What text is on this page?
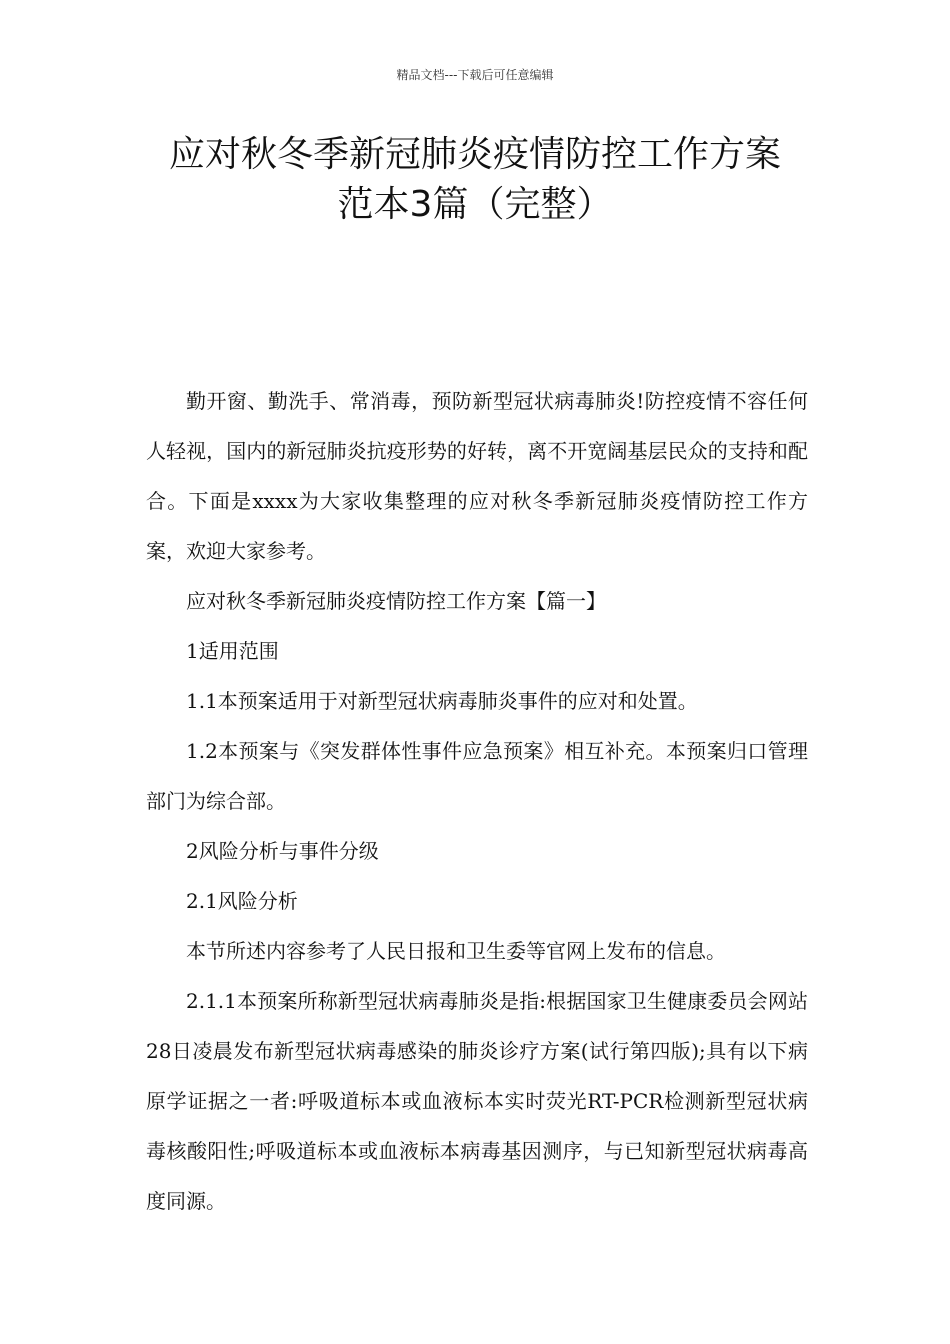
精品文档---下载后可任意编辑
应对秋冬季新冠肺炎疫情防控工作方案
范本3篇（完整）

勤开窗、勤洗手、常消毒，预防新型冠状病毒肺炎!防控疫情不容任何人轻视，国内的新冠肺炎抗疫形势的好转，离不开宽阔基层民众的支持和配合。下面是xxxx为大家收集整理的应对秋冬季新冠肺炎疫情防控工作方案，欢迎大家参考。

应对秋冬季新冠肺炎疫情防控工作方案【篇一】

1适用范围

1.1本预案适用于对新型冠状病毒肺炎事件的应对和处置。

1.2本预案与《突发群体性事件应急预案》相互补充。本预案归口管理部门为综合部。

2风险分析与事件分级

2.1风险分析

本节所述内容参考了人民日报和卫生委等官网上发布的信息。

2.1.1本预案所称新型冠状病毒肺炎是指:根据国家卫生健康委员会网站28日凌晨发布新型冠状病毒感染的肺炎诊疗方案(试行第四版);具有以下病原学证据之一者:呼吸道标本或血液标本实时荧光RT-PCR检测新型冠状病毒核酸阳性;呼吸道标本或血液标本病毒基因测序，与已知新型冠状病毒高度同源。
